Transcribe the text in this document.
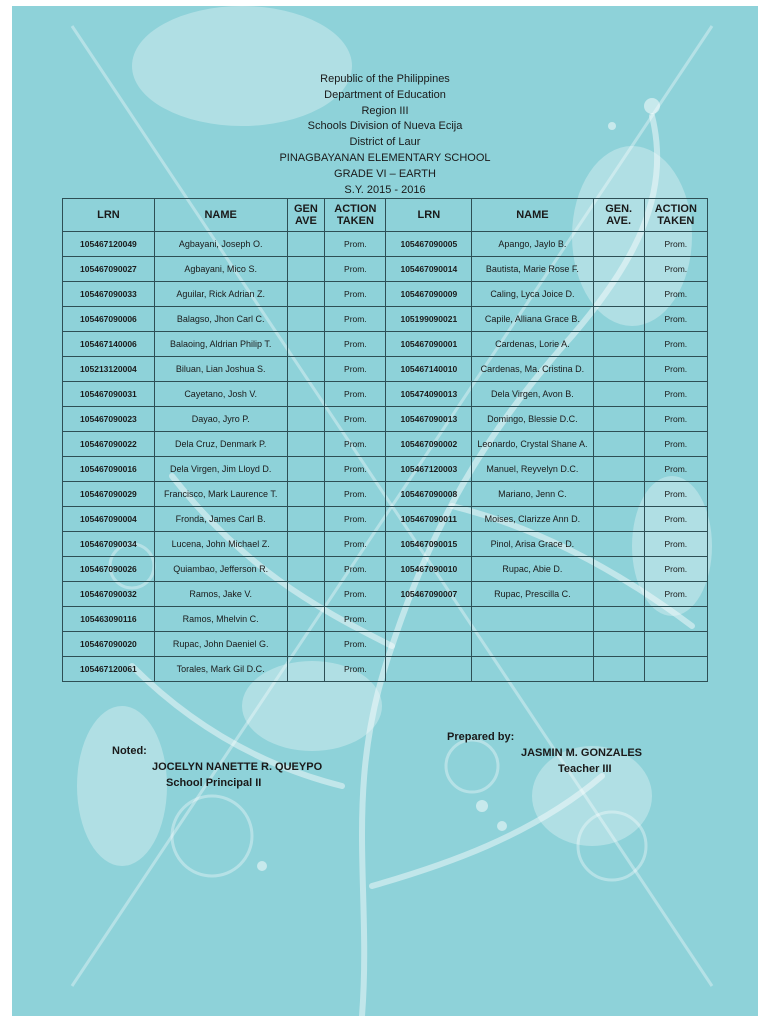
Republic of the Philippines
Department of Education
Region III
Schools Division of Nueva Ecija
District of Laur
PINAGBAYANAN ELEMENTARY SCHOOL
GRADE VI – EARTH
S.Y. 2015 - 2016
LRN	NAME	GEN AVE	ACTION TAKEN	LRN	NAME	GEN. AVE.	ACTION TAKEN
105467120049	Agbayani, Joseph O.		Prom.	105467090005	Apango, Jaylo B.		Prom.
105467090027	Agbayani, Mico S.		Prom.	105467090014	Bautista, Marie Rose F.		Prom.
105467090033	Aguilar, Rick Adrian Z.		Prom.	105467090009	Caling, Lyca Joice D.		Prom.
105467090006	Balagso, Jhon Carl C.		Prom.	105199090021	Capile, Alliana Grace B.		Prom.
105467140006	Balaoing, Aldrian Philip T.		Prom.	105467090001	Cardenas, Lorie A.		Prom.
105213120004	Biluan, Lian Joshua S.		Prom.	105467140010	Cardenas, Ma. Cristina D.		Prom.
105467090031	Cayetano, Josh V.		Prom.	105474090013	Dela Virgen, Avon B.		Prom.
105467090023	Dayao, Jyro P.		Prom.	105467090013	Domingo, Blessie D.C.		Prom.
105467090022	Dela Cruz, Denmark P.		Prom.	105467090002	Leonardo, Crystal Shane A.		Prom.
105467090016	Dela Virgen, Jim Lloyd D.		Prom.	105467120003	Manuel, Reyvelyn D.C.		Prom.
105467090029	Francisco, Mark Laurence T.		Prom.	105467090008	Mariano, Jenn C.		Prom.
105467090004	Fronda, James Carl B.		Prom.	105467090011	Moises, Clarizze Ann D.		Prom.
105467090034	Lucena, John Michael Z.		Prom.	105467090015	Pinol, Arisa Grace D.		Prom.
105467090026	Quiambao, Jefferson R.		Prom.	105467090010	Rupac, Abie D.		Prom.
105467090032	Ramos, Jake V.		Prom.	105467090007	Rupac, Prescilla C.		Prom.
105463090116	Ramos, Mhelvin C.		Prom.				
105467090020	Rupac, John Daeniel G.		Prom.				
105467120061	Torales, Mark Gil D.C.		Prom.				
Noted:
JOCELYN NANETTE R. QUEYPO
School Principal II
Prepared by:
JASMIN M. GONZALES
Teacher III
